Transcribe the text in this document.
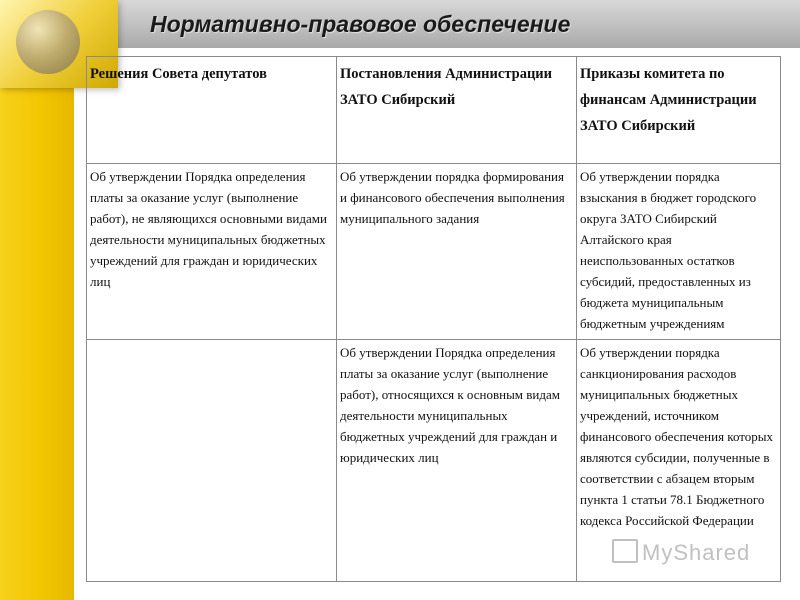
Нормативно-правовое обеспечение
Решения Совета депутатов	Постановления Администрации ЗАТО Сибирский	Приказы комитета по финансам Администрации ЗАТО Сибирский
Об утверждении Порядка определения платы за оказание услуг (выполнение работ), не являющихся основными видами деятельности муниципальных бюджетных учреждений для граждан и юридических лиц	Об утверждении порядка формирования и финансового обеспечения выполнения муниципального задания	Об утверждении порядка взыскания в бюджет городского округа ЗАТО Сибирский Алтайского края неиспользованных остатков субсидий, предоставленных из бюджета муниципальным бюджетным учреждениям
	Об утверждении Порядка определения платы за оказание услуг (выполнение работ), относящихся к основным видам деятельности муниципальных бюджетных учреждений для граждан и юридических лиц	Об утверждении порядка санкционирования расходов муниципальных бюджетных учреждений, источником финансового обеспечения которых являются субсидии, полученные в соответствии с абзацем вторым пункта 1 статьи 78.1 Бюджетного кодекса Российской Федерации
MyShared
